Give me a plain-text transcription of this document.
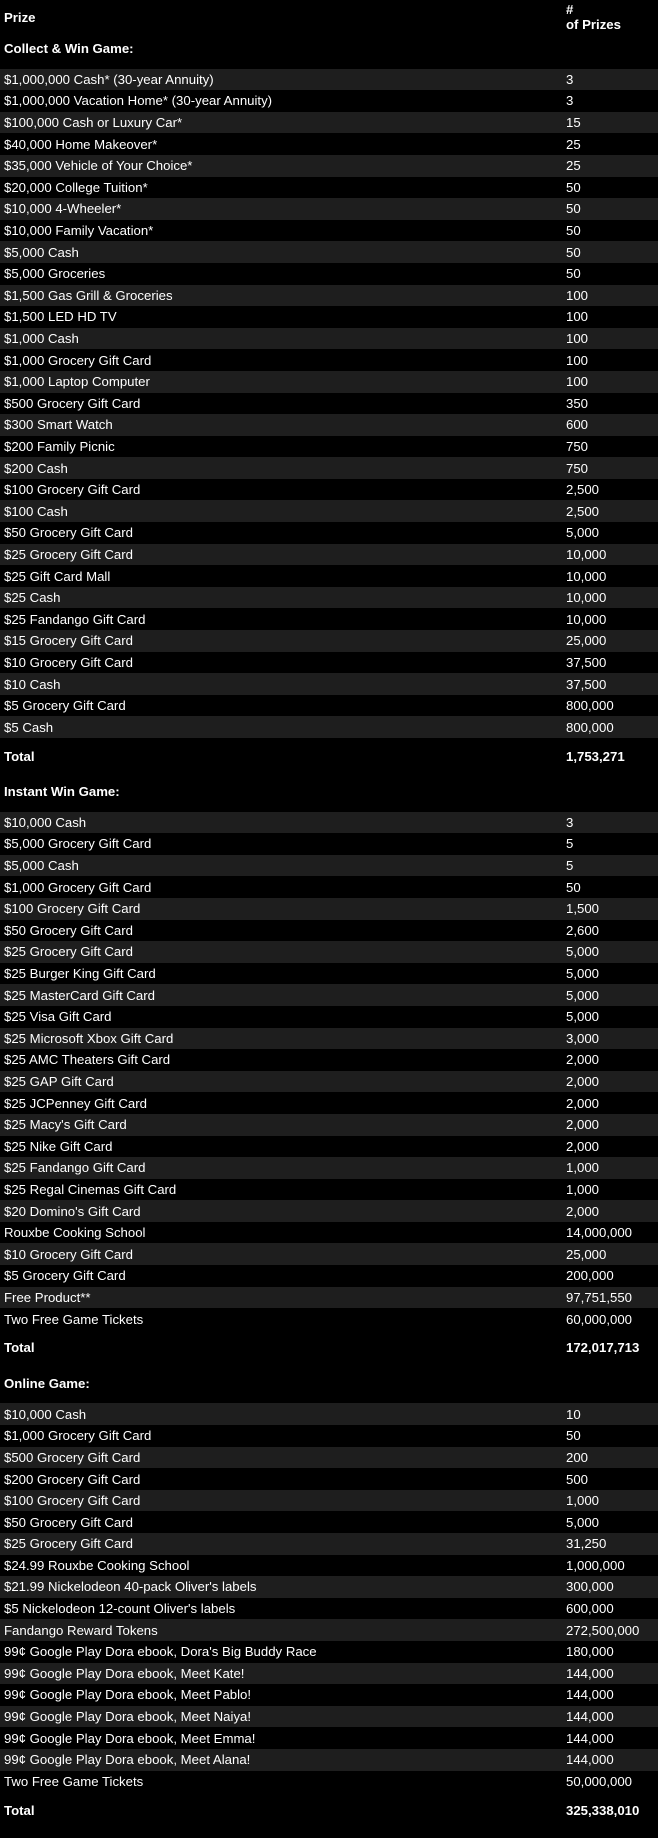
Prize
#
of Prizes
Collect & Win Game:
$1,000,000 Cash* (30-year Annuity)	3
$1,000,000 Vacation Home* (30-year Annuity)	3
$100,000 Cash or Luxury Car*	15
$40,000 Home Makeover*	25
$35,000 Vehicle of Your Choice*	25
$20,000 College Tuition*	50
$10,000 4-Wheeler*	50
$10,000 Family Vacation*	50
$5,000 Cash	50
$5,000 Groceries	50
$1,500 Gas Grill & Groceries	100
$1,500 LED HD TV	100
$1,000 Cash	100
$1,000 Grocery Gift Card	100
$1,000 Laptop Computer	100
$500 Grocery Gift Card	350
$300 Smart Watch	600
$200 Family Picnic	750
$200 Cash	750
$100 Grocery Gift Card	2,500
$100 Cash	2,500
$50 Grocery Gift Card	5,000
$25 Grocery Gift Card	10,000
$25 Gift Card Mall	10,000
$25 Cash	10,000
$25 Fandango Gift Card	10,000
$15 Grocery Gift Card	25,000
$10 Grocery Gift Card	37,500
$10 Cash	37,500
$5 Grocery Gift Card	800,000
$5 Cash	800,000
Total	1,753,271
Instant Win Game:
$10,000 Cash	3
$5,000 Grocery Gift Card	5
$5,000 Cash	5
$1,000 Grocery Gift Card	50
$100 Grocery Gift Card	1,500
$50 Grocery Gift Card	2,600
$25 Grocery Gift Card	5,000
$25 Burger King Gift Card	5,000
$25 MasterCard Gift Card	5,000
$25 Visa Gift Card	5,000
$25 Microsoft Xbox Gift Card	3,000
$25 AMC Theaters Gift Card	2,000
$25 GAP Gift Card	2,000
$25 JCPenney Gift Card	2,000
$25 Macy's Gift Card	2,000
$25 Nike Gift Card	2,000
$25 Fandango Gift Card	1,000
$25 Regal Cinemas Gift Card	1,000
$20 Domino's Gift Card	2,000
Rouxbe Cooking School	14,000,000
$10 Grocery Gift Card	25,000
$5 Grocery Gift Card	200,000
Free Product**	97,751,550
Two Free Game Tickets	60,000,000
Total	172,017,713
Online Game:
$10,000 Cash	10
$1,000 Grocery Gift Card	50
$500 Grocery Gift Card	200
$200 Grocery Gift Card	500
$100 Grocery Gift Card	1,000
$50 Grocery Gift Card	5,000
$25 Grocery Gift Card	31,250
$24.99 Rouxbe Cooking School	1,000,000
$21.99 Nickelodeon 40-pack Oliver's labels	300,000
$5 Nickelodeon 12-count Oliver's labels	600,000
Fandango Reward Tokens	272,500,000
99¢ Google Play Dora ebook, Dora's Big Buddy Race	180,000
99¢ Google Play Dora ebook, Meet Kate!	144,000
99¢ Google Play Dora ebook, Meet Pablo!	144,000
99¢ Google Play Dora ebook, Meet Naiya!	144,000
99¢ Google Play Dora ebook, Meet Emma!	144,000
99¢ Google Play Dora ebook, Meet Alana!	144,000
Two Free Game Tickets	50,000,000
Total	325,338,010
